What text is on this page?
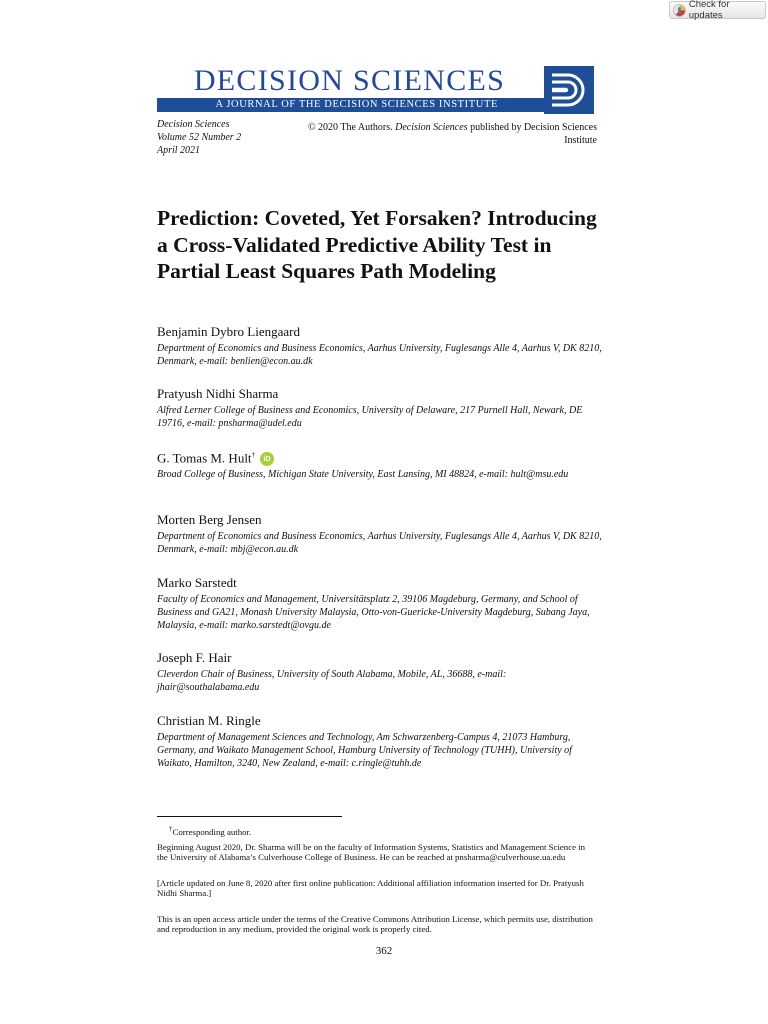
Check for updates
DECISION SCIENCES
A JOURNAL OF THE DECISION SCIENCES INSTITUTE
Decision Sciences
Volume 52 Number 2
April 2021
© 2020 The Authors. Decision Sciences published by Decision Sciences Institute
Prediction: Coveted, Yet Forsaken? Introducing a Cross-Validated Predictive Ability Test in Partial Least Squares Path Modeling
Benjamin Dybro Liengaard
Department of Economics and Business Economics, Aarhus University, Fuglesangs Alle 4, Aarhus V, DK 8210, Denmark, e-mail: benlien@econ.au.dk
Pratyush Nidhi Sharma
Alfred Lerner College of Business and Economics, University of Delaware, 217 Purnell Hall, Newark, DE 19716, e-mail: pnsharma@udel.edu
G. Tomas M. Hult† iD
Broad College of Business, Michigan State University, East Lansing, MI 48824, e-mail: hult@msu.edu
Morten Berg Jensen
Department of Economics and Business Economics, Aarhus University, Fuglesangs Alle 4, Aarhus V, DK 8210, Denmark, e-mail: mbj@econ.au.dk
Marko Sarstedt
Faculty of Economics and Management, Universitätsplatz 2, 39106 Magdeburg, Germany, and School of Business and GA21, Monash University Malaysia, Otto-von-Guericke-University Magdeburg, Subang Jaya, Malaysia, e-mail: marko.sarstedt@ovgu.de
Joseph F. Hair
Cleverdon Chair of Business, University of South Alabama, Mobile, AL, 36688, e-mail: jhair@southalabama.edu
Christian M. Ringle
Department of Management Sciences and Technology, Am Schwarzenberg-Campus 4, 21073 Hamburg, Germany, and Waikato Management School, Hamburg University of Technology (TUHH), University of Waikato, Hamilton, 3240, New Zealand, e-mail: c.ringle@tuhh.de
†Corresponding author.
Beginning August 2020, Dr. Sharma will be on the faculty of Information Systems, Statistics and Management Science in the University of Alabama’s Culverhouse College of Business. He can be reached at pnsharma@culverhouse.ua.edu
[Article updated on June 8, 2020 after first online publication: Additional affiliation information inserted for Dr. Pratyush Nidhi Sharma.]
This is an open access article under the terms of the Creative Commons Attribution License, which permits use, distribution and reproduction in any medium, provided the original work is properly cited.
362
